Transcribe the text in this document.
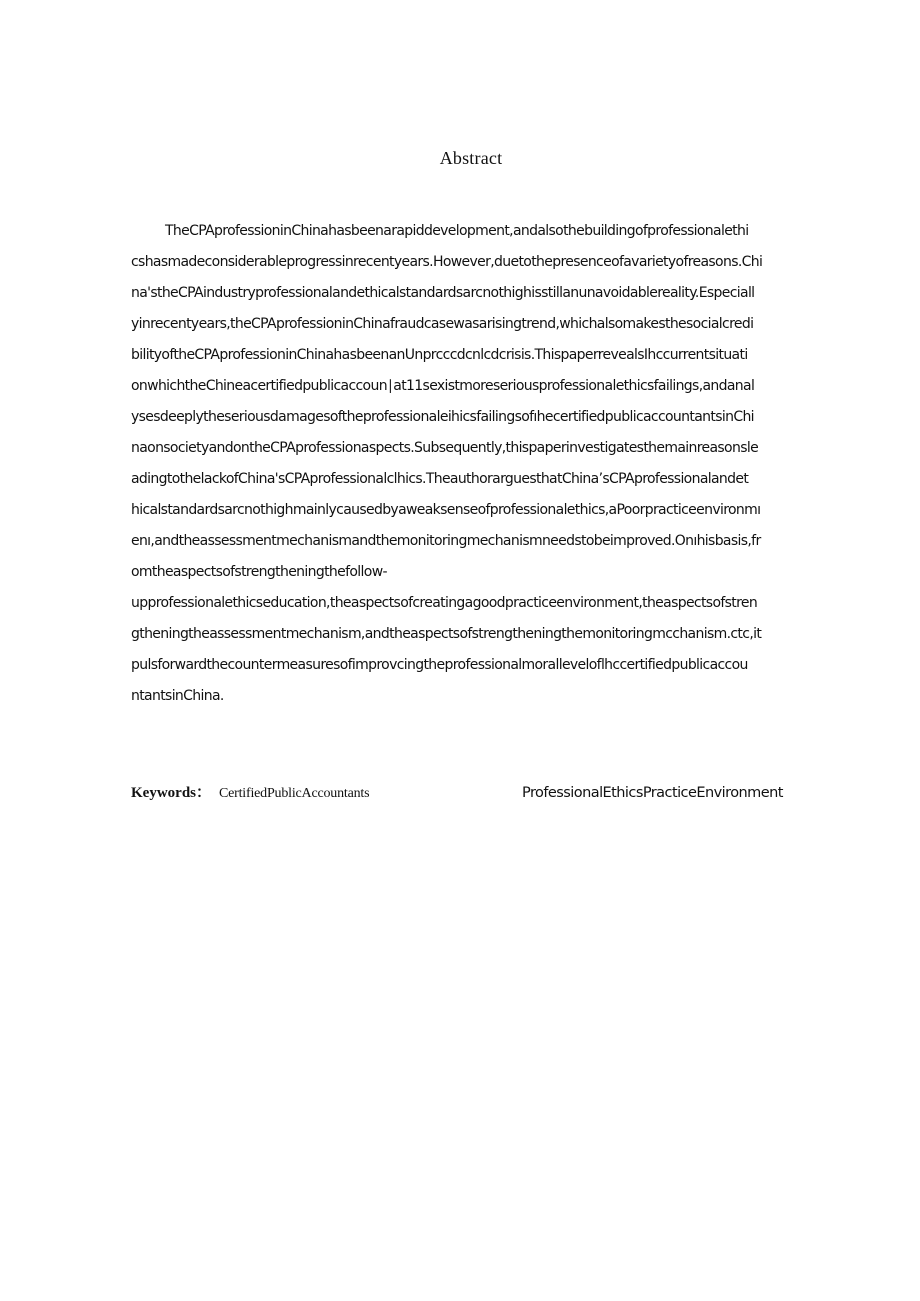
Abstract
TheCPAprofessioninChinahasbeenarapiddevelopment,andalsothebuildingofprofessionalethi
cshasmadeconsiderableprogressinrecentyears.However,duetothepresenceofavarietyofreasons.Chi
na'stheCPAindustryprofessionalandethicalstandardsarcnothighisstillanunavoidablereality.Especiall
yinrecentyears,theCPAprofessioninChinafraudcasewasarisingtrend,whichalsomakesthesocialcredi
bilityoftheCPAprofessioninChinahasbeenanUnprcccdcnlcdcrisis.ThispaperrevealsIhccurrentsituati
onwhichtheChineacertifiedpublicaccoun∣at11sexistmoreseriousprofessionalethicsfailings,andanal
ysesdeeplytheseriousdamagesoftheprofessionaleihicsfailingsofıhecertifiedpublicaccountantsinChi
naonsocietyandontheCPAprofessionaspects.Subsequently,thispaperinvestigatesthemainreasonsle
adingtothelackofChina'sCPAprofessionalclhics.TheauthorarguesthatChina’sCPAprofessionalandet
hicalstandardsarcnothighmainlycausedbyaweaksenseofprofessionalethics,aPoorpracticeenvironmı
enı,andtheassessmentmechanismandthemonitoringmechanismneedstobeimproved.Onıhisbasis,fr
omtheaspectsofstrengtheningthefollow-
upprofessionalethicseducation,theaspectsofcreatingagoodpracticeenvironment,theaspectsofstren
gtheningtheassessmentmechanism,andtheaspectsofstrengtheningthemonitoringmcchanism.ctc,it
pulsforwardthecountermeasuresofimprovcingtheprofessionalmoralleveloflhccertifiedpublicaccou
ntantsinChina.
Keywords： CertifiedPublicAccountants	ProfessionalEthicsPracticeEnvironment
